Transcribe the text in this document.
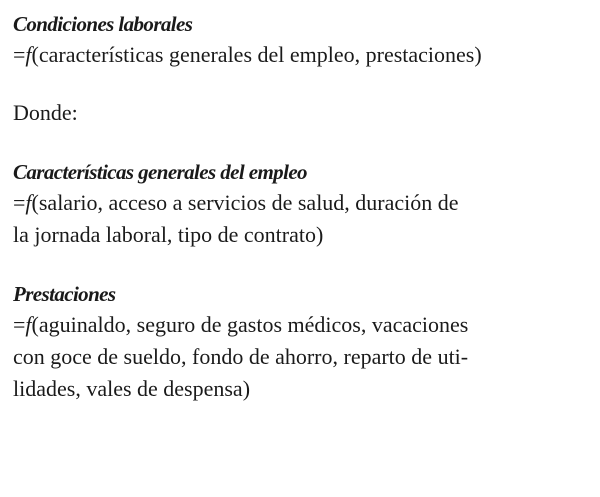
Condiciones laborales

=f(características generales del empleo, prestaciones)

Donde:

Características generales del empleo

=f(salario, acceso a servicios de salud, duración de

la jornada laboral, tipo de contrato)

Prestaciones

=f(aguinaldo, seguro de gastos médicos, vacaciones

con goce de sueldo, fondo de ahorro, reparto de uti-

lidades, vales de despensa)
